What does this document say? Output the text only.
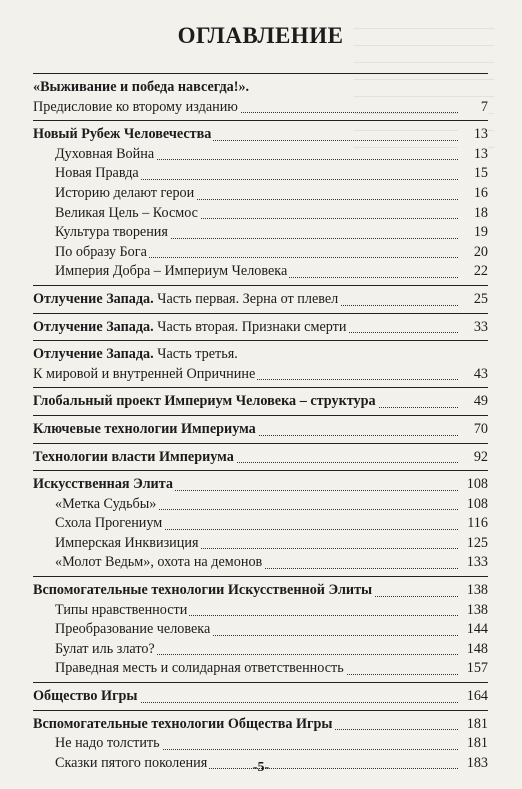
ОГЛАВЛЕНИЕ
«Выживание и победа навсегда!».
Предисловие ко второму изданию	7
Новый Рубеж Человечества	13
Духовная Война	13
Новая Правда	15
Историю делают герои	16
Великая Цель – Космос	18
Культура творения	19
По образу Бога	20
Империя Добра – Империум Человека	22
Отлучение Запада. Часть первая. Зерна от плевел	25
Отлучение Запада. Часть вторая. Признаки смерти	33
Отлучение Запада. Часть третья.
К мировой и внутренней Опричнине	43
Глобальный проект Империум Человека – структура	49
Ключевые технологии Империума	70
Технологии власти Империума	92
Искусственная Элита	108
«Метка Судьбы»	108
Схола Прогениум	116
Имперская Инквизиция	125
«Молот Ведьм», охота на демонов	133
Вспомогательные технологии Искусственной Элиты	138
Типы нравственности	138
Преобразование человека	144
Булат иль злато?	148
Праведная месть и солидарная ответственность	157
Общество Игры	164
Вспомогательные технологии Общества Игры	181
Не надо толстить	181
Сказки пятого поколения	183
-5-
